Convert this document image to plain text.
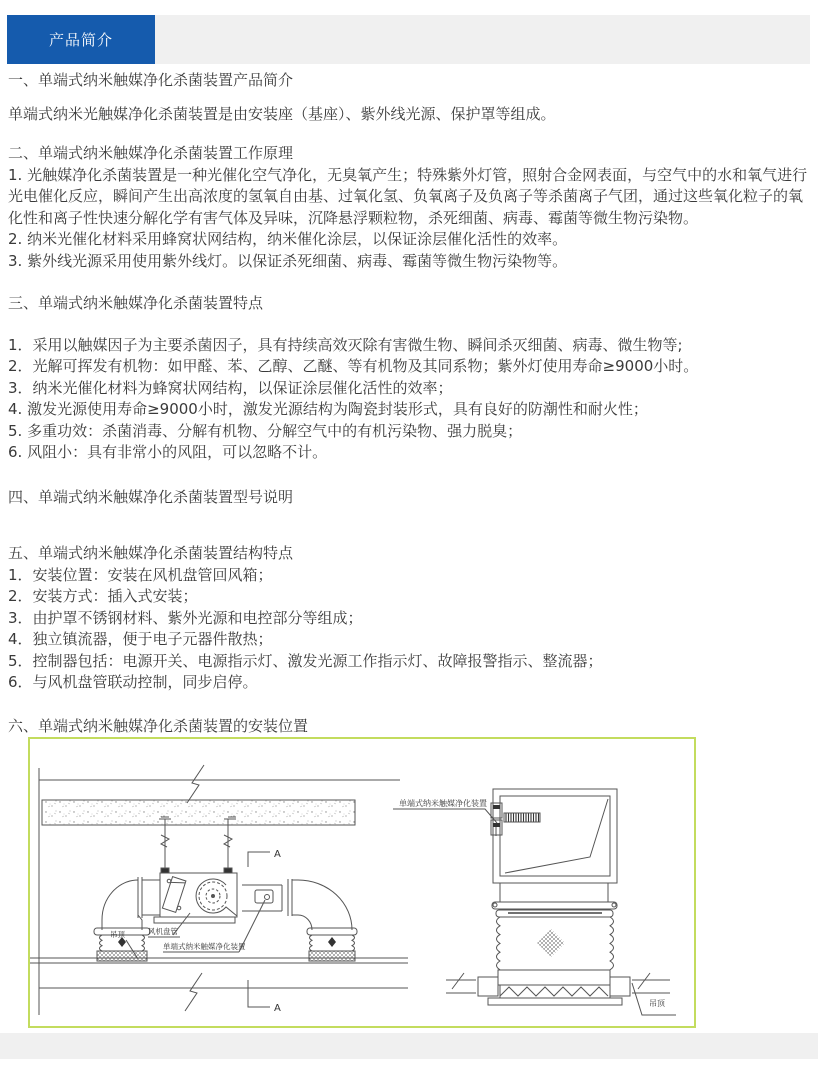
产品简介
一、单端式纳米触媒净化杀菌装置产品简介
单端式纳米光触媒净化杀菌装置是由安装座（基座）、紫外线光源、保护罩等组成。
二、单端式纳米触媒净化杀菌装置工作原理
1. 光触媒净化杀菌装置是一种光催化空气净化，无臭氧产生；特殊紫外灯管，照射合金网表面，与空气中的水和氧气进行光电催化反应，瞬间产生出高浓度的氢氧自由基、过氧化氢、负氧离子及负离子等杀菌离子气团，通过这些氧化粒子的氧化性和离子性快速分解化学有害气体及异味，沉降悬浮颗粒物，杀死细菌、病毒、霉菌等微生物污染物。
2. 纳米光催化材料采用蜂窝状网结构，纳米催化涂层，以保证涂层催化活性的效率。
3. 紫外线光源采用使用紫外线灯。以保证杀死细菌、病毒、霉菌等微生物污染物等。
三、单端式纳米触媒净化杀菌装置特点
1．采用以触媒因子为主要杀菌因子，具有持续高效灭除有害微生物、瞬间杀灭细菌、病毒、微生物等;
2．光解可挥发有机物：如甲醛、苯、乙醇、乙醚、等有机物及其同系物；紫外灯使用寿命≥9000小时。
3．纳米光催化材料为蜂窝状网结构，以保证涂层催化活性的效率；
4. 激发光源使用寿命≥9000小时，激发光源结构为陶瓷封装形式，具有良好的防潮性和耐火性；
5. 多重功效：杀菌消毒、分解有机物、分解空气中的有机污染物、强力脱臭；
6. 风阻小：具有非常小的风阻，可以忽略不计。
四、单端式纳米触媒净化杀菌装置型号说明
五、单端式纳米触媒净化杀菌装置结构特点
1．安装位置：安装在风机盘管回风箱；
2．安装方式：插入式安装；
3．由护罩不锈钢材料、紫外光源和电控部分等组成；
4．独立镇流器，便于电子元器件散热；
5．控制器包括：电源开关、电源指示灯、激发光源工作指示灯、故障报警指示、整流器；
6．与风机盘管联动控制，同步启停。
六、单端式纳米触媒净化杀菌装置的安装位置
A
A
风机盘管
吊顶
单端式纳米触媒净化装置
单端式纳米触媒净化装置
吊顶
